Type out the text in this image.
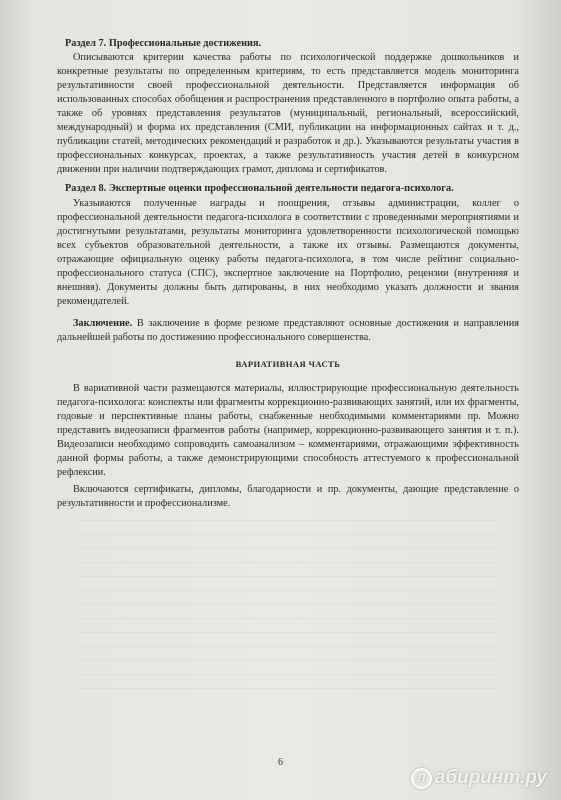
Раздел 7. Профессиональные достижения.

Описываются критерии качества работы по психологической поддержке дошкольников и конкретные результаты по определенным критериям, то есть представляется модель мониторинга результативности своей профессиональной деятельности. Представляется информация об использованных способах обобщения и распространения представленного в портфолио опыта работы, а также об уровнях представления результатов (муниципальный, региональный, всероссийский, международный) и форма их представления (СМИ, публикации на информационных сайтах и т. д., публикации статей, методических рекомендаций и разработок и др.). Указываются результаты участия в профессиональных конкурсах, проектах, а также результативность участия детей в конкурсном движении при наличии подтверждающих грамот, диплома и сертификатов.

Раздел 8. Экспертные оценки профессиональной деятельности педагога-психолога.

Указываются полученные награды и поощрения, отзывы администрации, коллег о профессиональной деятельности педагога-психолога в соответствии с проведенными мероприятиями и достигнутыми результатами, результаты мониторинга удовлетворенности психологической помощью всех субъектов образовательной деятельности, а также их отзывы. Размещаются документы, отражающие официальную оценку работы педагога-психолога, в том числе рейтинг социально-профессионального статуса (СПС), экспертное заключение на Портфолио, рецензии (внутренняя и внешняя). Документы должны быть датированы, в них необходимо указать должности и звания рекомендателей.

Заключение. В заключение в форме резюме представляют основные достижения и направления дальнейшей работы по достижению профессионального совершенства.

ВАРИАТИВНАЯ ЧАСТЬ

В вариативной части размещаются материалы, иллюстрирующие профессиональную деятельность педагога-психолога: конспекты или фрагменты коррекционно-развивающих занятий, или их фрагменты, годовые и перспективные планы работы, снабженные необходимыми комментариями пр. Можно представить видеозаписи фрагментов работы (например, коррекционно-развивающего занятия и т. п.). Видеозаписи необходимо сопроводить самоанализом – комментариями, отражающими эффективность данной формы работы, а также демонстрирующими способность аттестуемого к профессиональной рефлексии.

Включаются сертификаты, дипломы, благодарности и пр. документы, дающие представление о результативности и профессионализме.

6
Л абиринт.ру
